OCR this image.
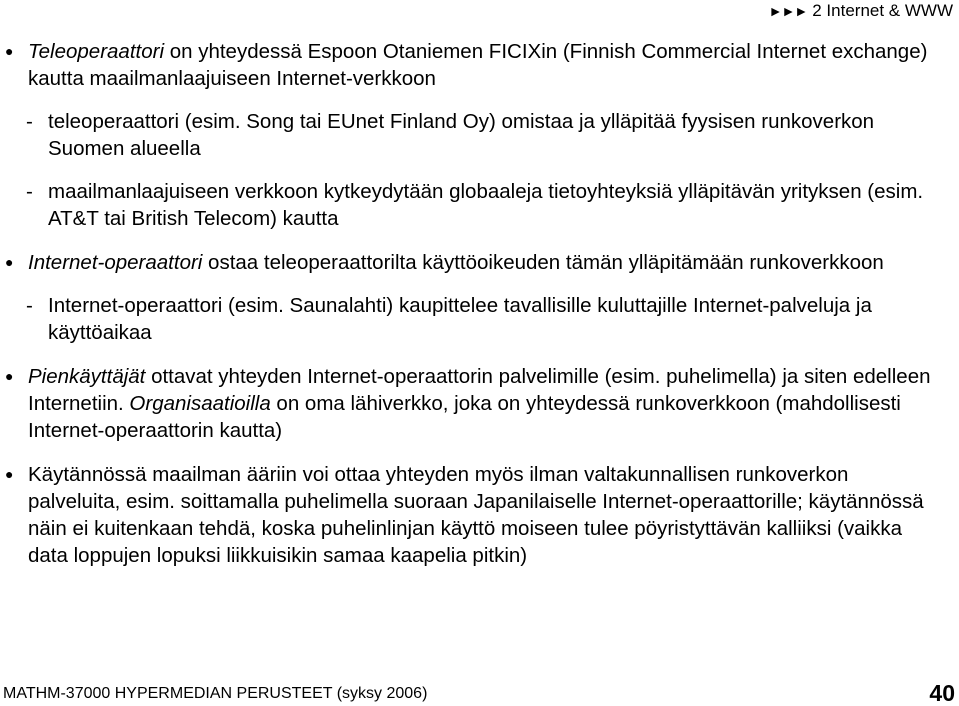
►►► 2 Internet & WWW
● Teleoperaattori on yhteydessä Espoon Otaniemen FICIXin (Finnish Commercial Internet exchange) kautta maailmanlaajuiseen Internet-verkkoon
- teleoperaattori (esim. Song tai EUnet Finland Oy) omistaa ja ylläpitää fyysisen runkoverkon Suomen alueella
- maailmanlaajuiseen verkkoon kytkeydytään globaaleja tietoyhteyksiä ylläpitävän yrityksen (esim. AT&T tai British Telecom) kautta
● Internet-operaattori ostaa teleoperaattorilta käyttöoikeuden tämän ylläpitämään runkoverkkoon
- Internet-operaattori (esim. Saunalahti) kaupittelee tavallisille kuluttajille Internet-palveluja ja käyttöaikaa
● Pienkäyttäjät ottavat yhteyden Internet-operaattorin palvelimille (esim. puhelimella) ja siten edelleen Internetiin. Organisaatioilla on oma lähiverkko, joka on yhteydessä runkoverkkoon (mahdollisesti Internet-operaattorin kautta)
● Käytännössä maailman ääriin voi ottaa yhteyden myös ilman valtakunnallisen runkoverkon palveluita, esim. soittamalla puhelimella suoraan Japanilaiselle Internet-operaattorille; käytännössä näin ei kuitenkaan tehdä, koska puhelinlinjan käyttö moiseen tulee pöyristyttävän kalliiksi (vaikka data loppujen lopuksi liikkuisikin samaa kaapelia pitkin)
MATHM-37000 HYPERMEDIAN PERUSTEET (syksy 2006)	40
